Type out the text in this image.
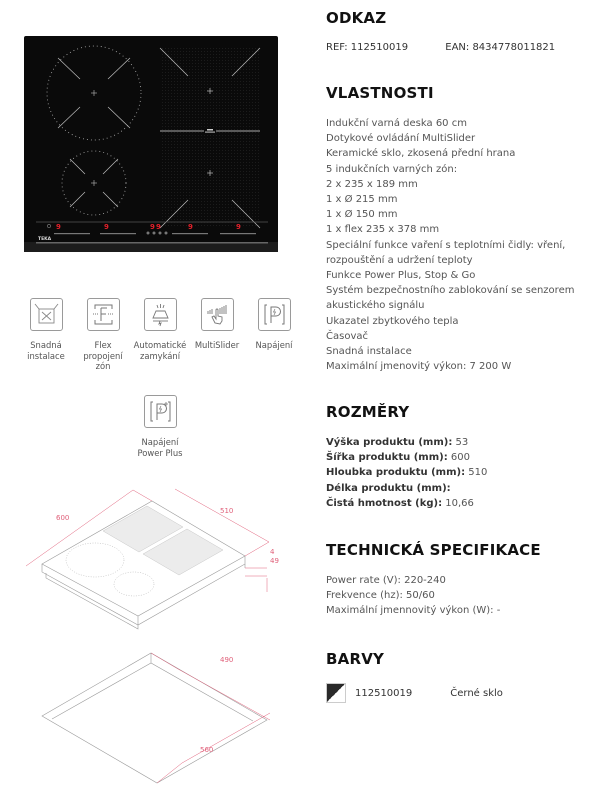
9	9	9 9	9	9
TEKA
Snadná instalace
Flex propojení zón
Automatické zamykání
MultiSlider	Napájení
Napájení Power Plus
600
510
4
49
490
560
ODKAZ
REF: 112510019	EAN: 8434778011821
VLASTNOSTI
Indukční varná deska 60 cm
Dotykové ovládání MultiSlider
Keramické sklo, zkosená přední hrana
5 indukčních varných zón:
2 x 235 x 189 mm
1 x Ø 215 mm
1 x Ø 150 mm
1 x flex 235 x 378 mm
Speciální funkce vaření s teplotními čidly: vření, rozpouštění a udržení teploty
Funkce Power Plus, Stop & Go
Systém bezpečnostního zablokování se senzorem akustického signálu
Ukazatel zbytkového tepla
Časovač
Snadná instalace
Maximální jmenovitý výkon: 7 200 W
ROZMĚRY
Výška produktu (mm): 53
Šířka produktu (mm): 600
Hloubka produktu (mm): 510
Délka produktu (mm):
Čistá hmotnost (kg): 10,66
TECHNICKÁ SPECIFIKACE
Power rate (V): 220-240
Frekvence (hz): 50/60
Maximální jmennovitý výkon (W): -
BARVY
112510019	Černé sklo
